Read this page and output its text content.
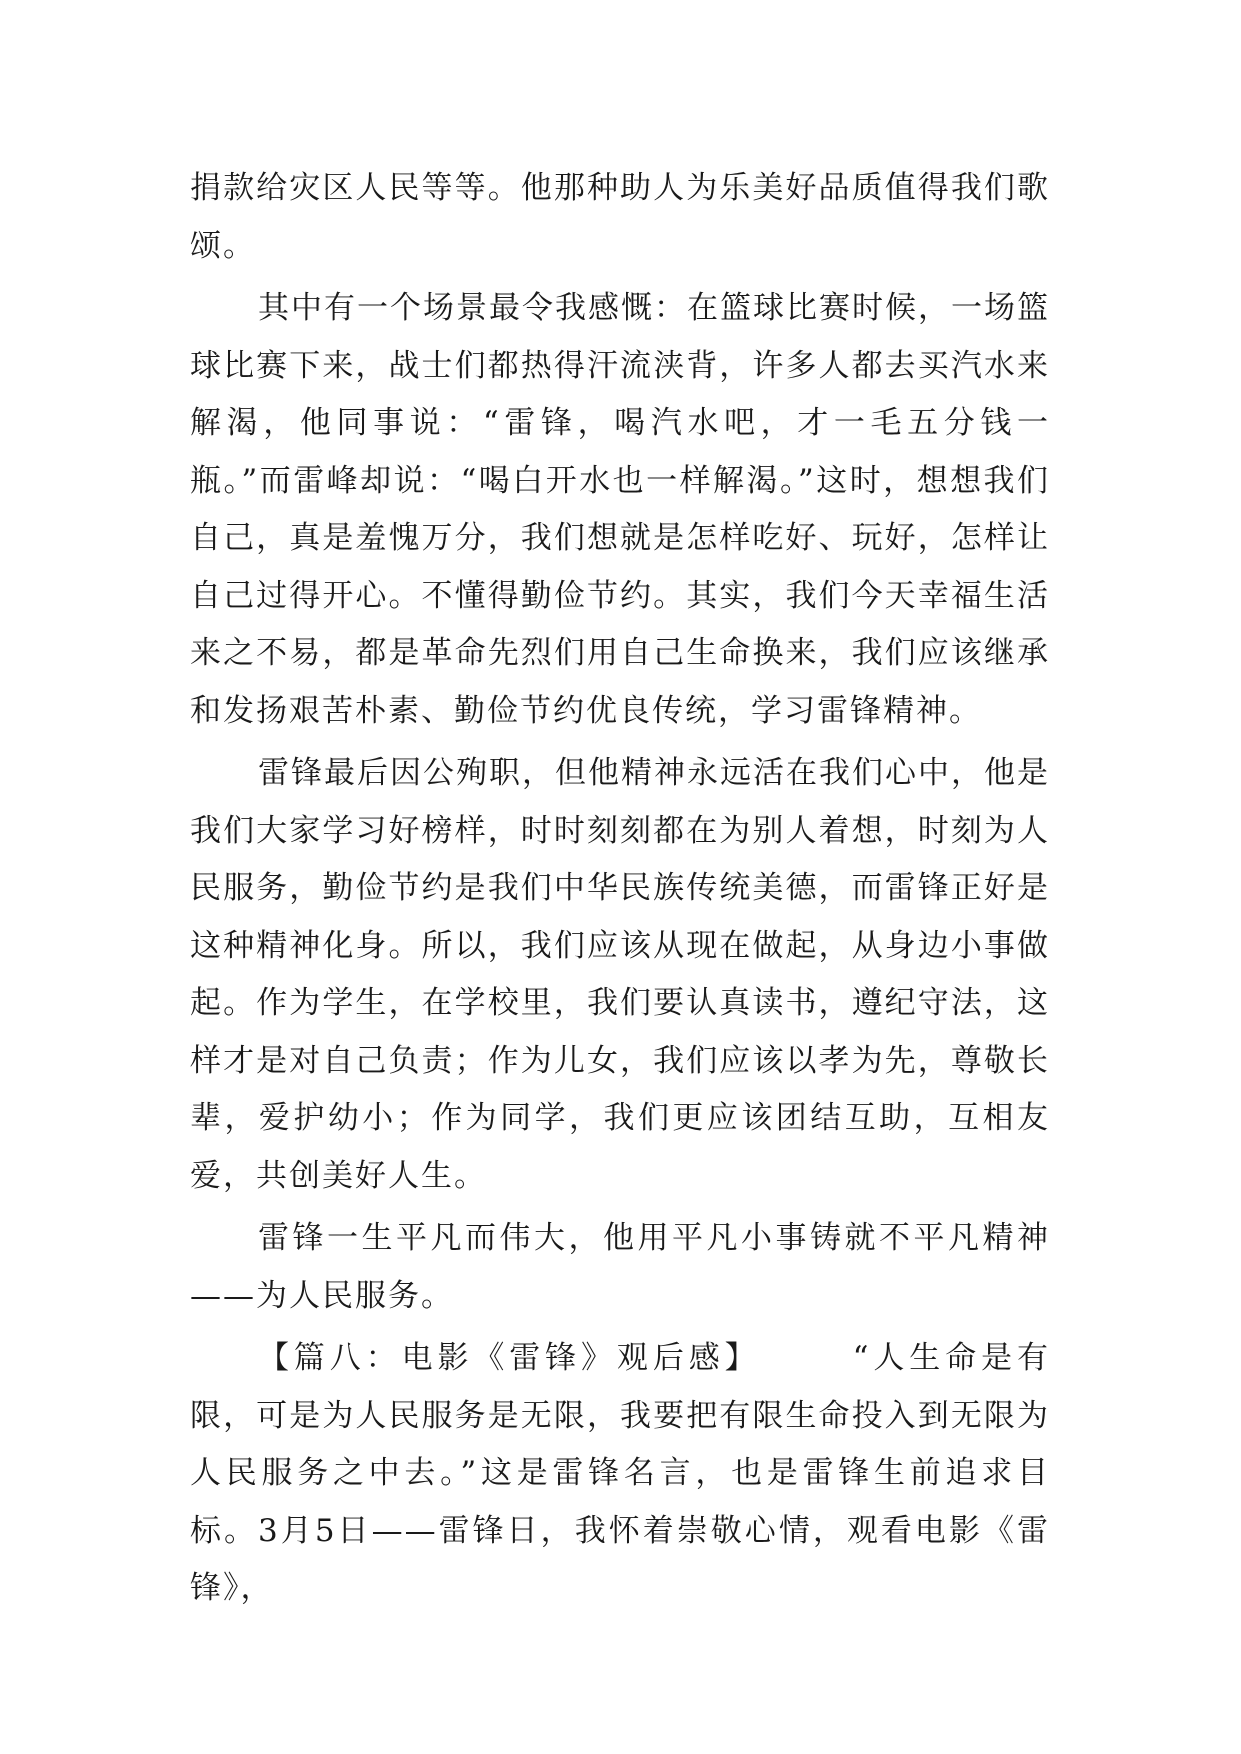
捐款给灾区人民等等。他那种助人为乐美好品质值得我们歌颂。

其中有一个场景最令我感慨：在篮球比赛时候，一场篮球比赛下来，战士们都热得汗流浃背，许多人都去买汽水来解渴，他同事说：“雷锋，喝汽水吧，才一毛五分钱一瓶。”而雷峰却说：“喝白开水也一样解渴。”这时，想想我们自己，真是羞愧万分，我们想就是怎样吃好、玩好，怎样让自己过得开心。不懂得勤俭节约。其实，我们今天幸福生活来之不易，都是革命先烈们用自己生命换来，我们应该继承和发扬艰苦朴素、勤俭节约优良传统，学习雷锋精神。

雷锋最后因公殉职，但他精神永远活在我们心中，他是我们大家学习好榜样，时时刻刻都在为别人着想，时刻为人民服务，勤俭节约是我们中华民族传统美德，而雷锋正好是这种精神化身。所以，我们应该从现在做起，从身边小事做起。作为学生，在学校里，我们要认真读书，遵纪守法，这样才是对自己负责；作为儿女，我们应该以孝为先，尊敬长辈，爱护幼小；作为同学，我们更应该团结互助，互相友爱，共创美好人生。

雷锋一生平凡而伟大，他用平凡小事铸就不平凡精神——为人民服务。

【篇八：电影《雷锋》观后感】　　　“人生命是有限，可是为人民服务是无限，我要把有限生命投入到无限为人民服务之中去。”这是雷锋名言，也是雷锋生前追求目标。3月5日——雷锋日，我怀着崇敬心情，观看电影《雷锋》，
